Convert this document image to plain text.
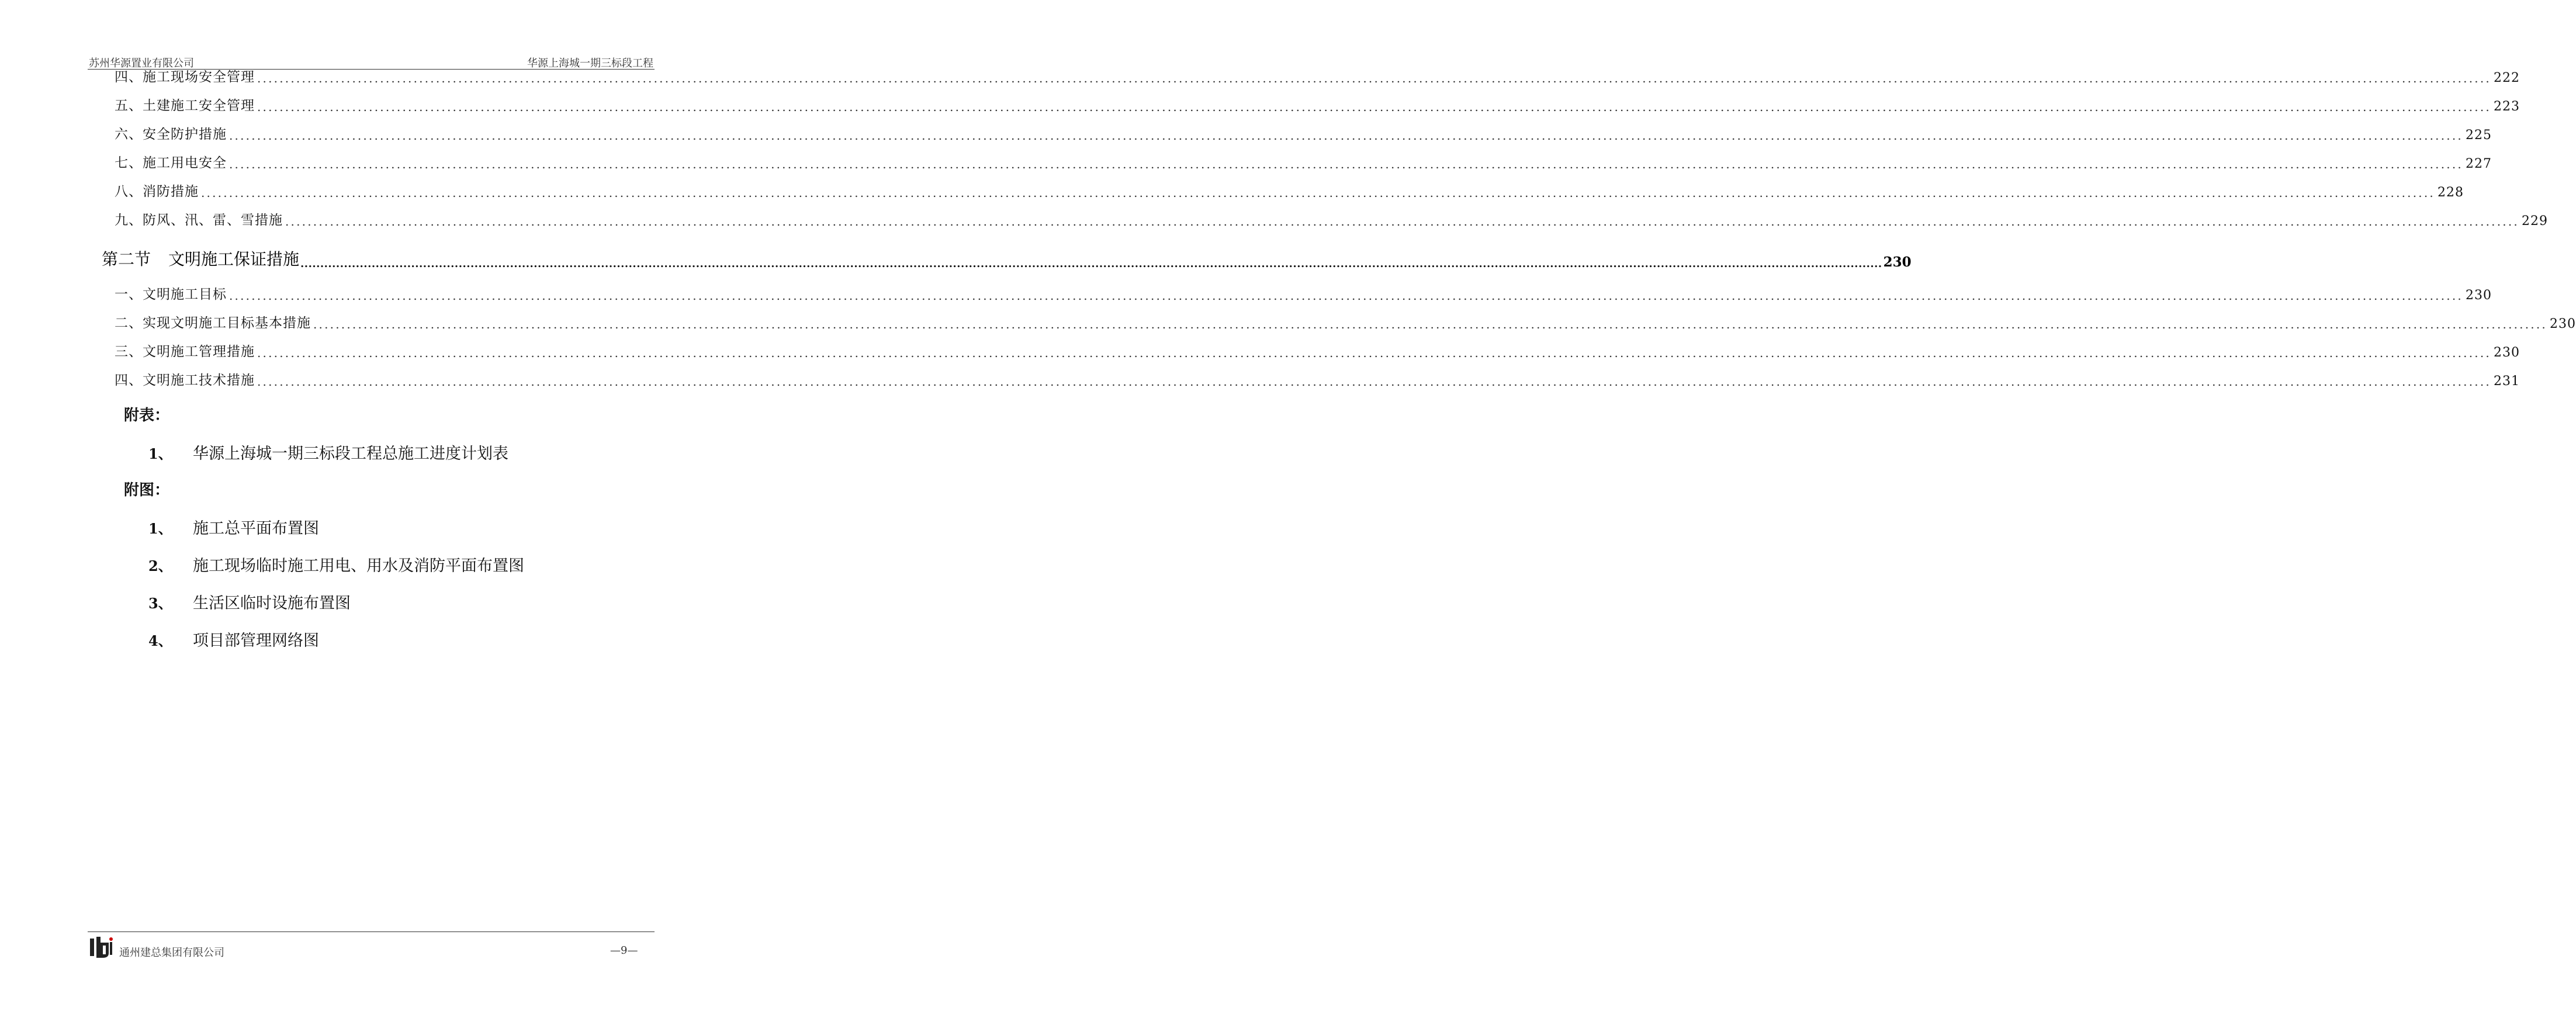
苏州华源置业有限公司	华源上海城一期三标段工程
四、施工现场安全管理 ................................................................................................................................................................................................................................................................................................................................................................................................................ 222
五、土建施工安全管理 ................................................................................................................................................................................................................................................................................................................................................................................................................ 223
六、安全防护措施 ................................................................................................................................................................................................................................................................................................................................................................................................................ 225
七、施工用电安全 ................................................................................................................................................................................................................................................................................................................................................................................................................ 227
八、消防措施 ................................................................................................................................................................................................................................................................................................................................................................................................................ 228
九、防风、汛、雷、雪措施 ................................................................................................................................................................................................................................................................................................................................................................................................................ 229
第二节 文明施工保证措施 ................................................................................................................................................................................................................................................................................................................................................................................................................ 230
一、文明施工目标 ................................................................................................................................................................................................................................................................................................................................................................................................................ 230
二、实现文明施工目标基本措施 ................................................................................................................................................................................................................................................................................................................................................................................................................ 230
三、文明施工管理措施 ................................................................................................................................................................................................................................................................................................................................................................................................................ 230
四、文明施工技术措施 ................................................................................................................................................................................................................................................................................................................................................................................................................ 231
附表：
1、	华源上海城一期三标段工程总施工进度计划表
附图：
1、	施工总平面布置图
2、	施工现场临时施工用电、用水及消防平面布置图
3、	生活区临时设施布置图
4、	项目部管理网络图
通州建总集团有限公司	—9—
